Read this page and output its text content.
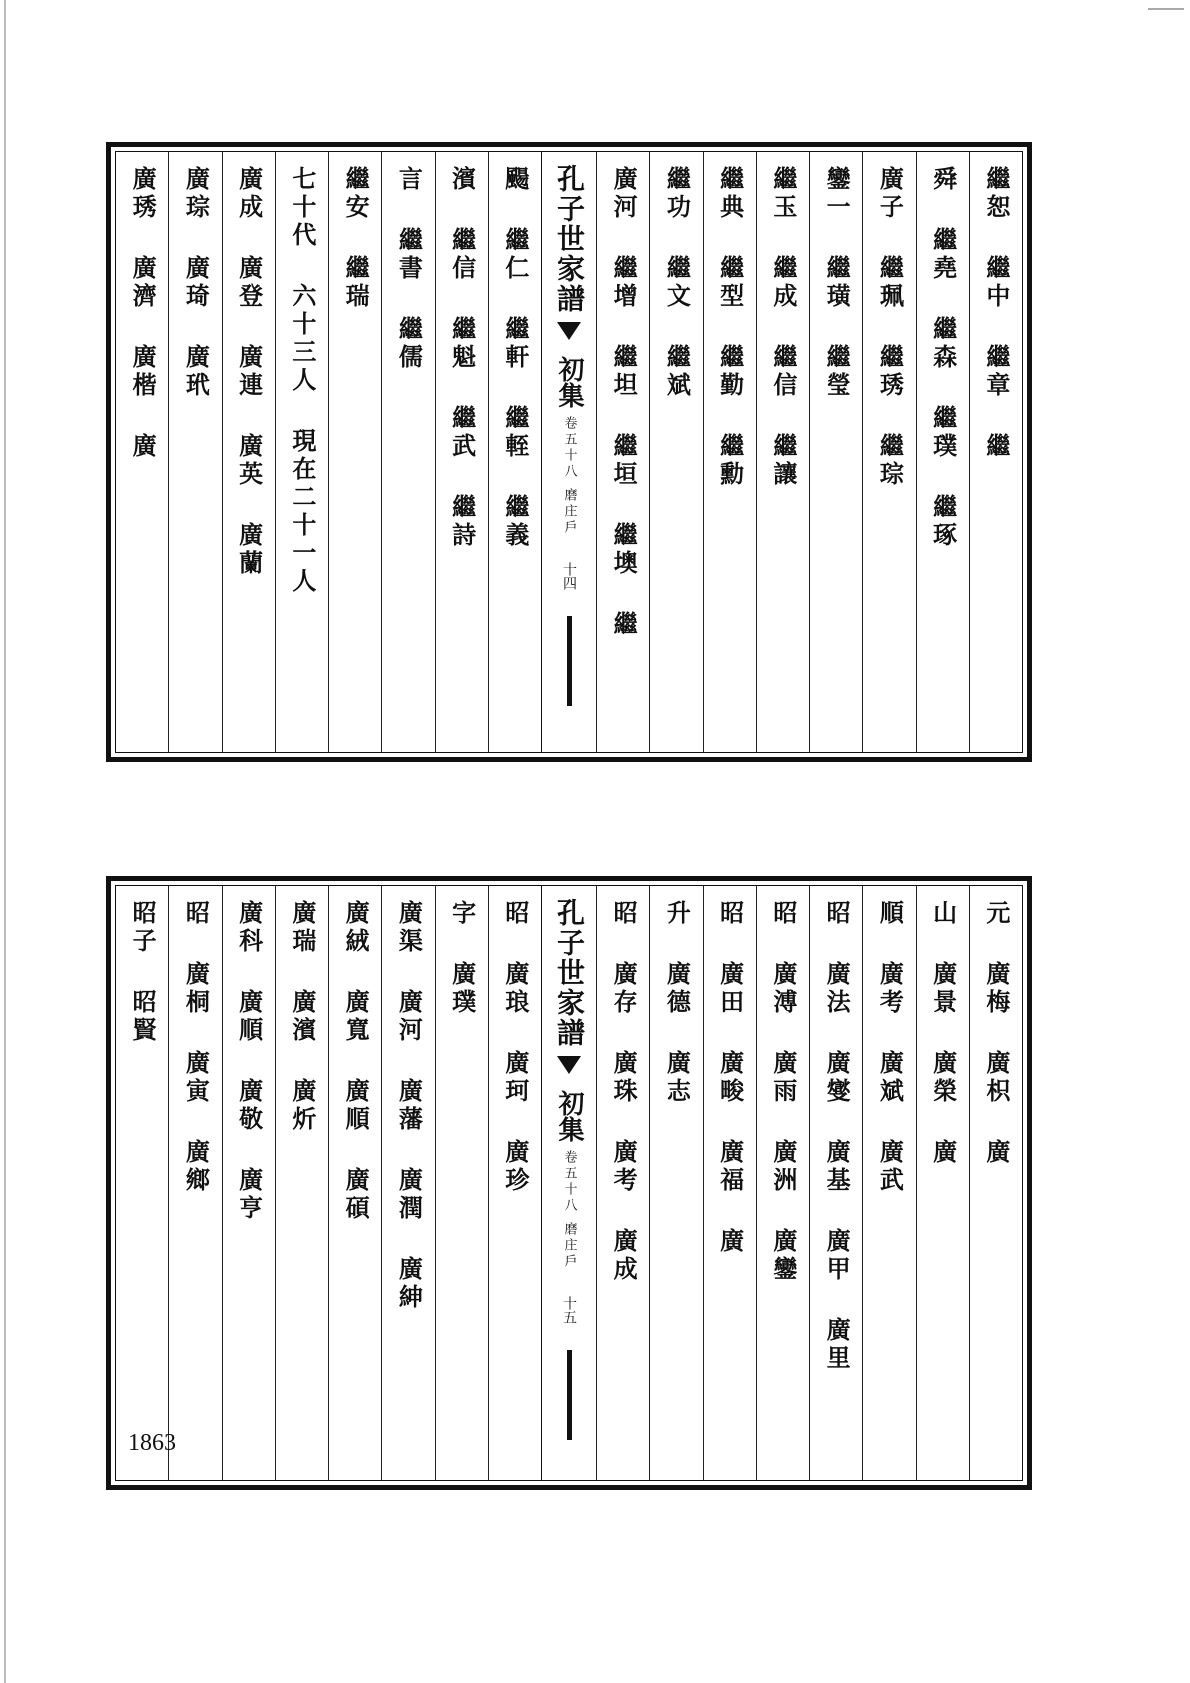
繼恕 繼中 繼章 繼
舜 繼堯 繼森 繼璞 繼琢
廣子 繼珮 繼琇 繼琮
鑾一 繼璜 繼瑩
繼玉 繼成 繼信 繼讓
繼典 繼型 繼勤 繼勳
繼功 繼文 繼斌
廣河 繼增 繼坦 繼垣 繼墺 繼
孔子世家譜
初集
卷五十八
磨庄戶
十四
颺 繼仁 繼軒 繼輊 繼義
濱 繼信 繼魁 繼武 繼詩
言 繼書 繼儒
繼安 繼瑞
七十代 六十三人 現在二十一人
廣成 廣登 廣連 廣英 廣蘭
廣琮 廣琦 廣玳
廣琇 廣濟 廣楷 廣
元 廣梅 廣枳 廣
山 廣景 廣榮 廣
順 廣考 廣斌 廣武
昭 廣法 廣燮 廣基 廣甲 廣里
昭 廣溥 廣雨 廣洲 廣鑾
昭 廣田 廣畯 廣福 廣
升 廣德 廣志
昭 廣存 廣珠 廣考 廣成
孔子世家譜
初集
卷五十八
磨庄戶
十五
昭 廣琅 廣珂 廣珍
字 廣璞
廣渠 廣河 廣藩 廣潤 廣紳
廣絨 廣寬 廣順 廣碩
廣瑞 廣濱 廣炘
廣科 廣順 廣敬 廣亨
昭 廣桐 廣寅 廣鄉
昭子 昭賢
1863
